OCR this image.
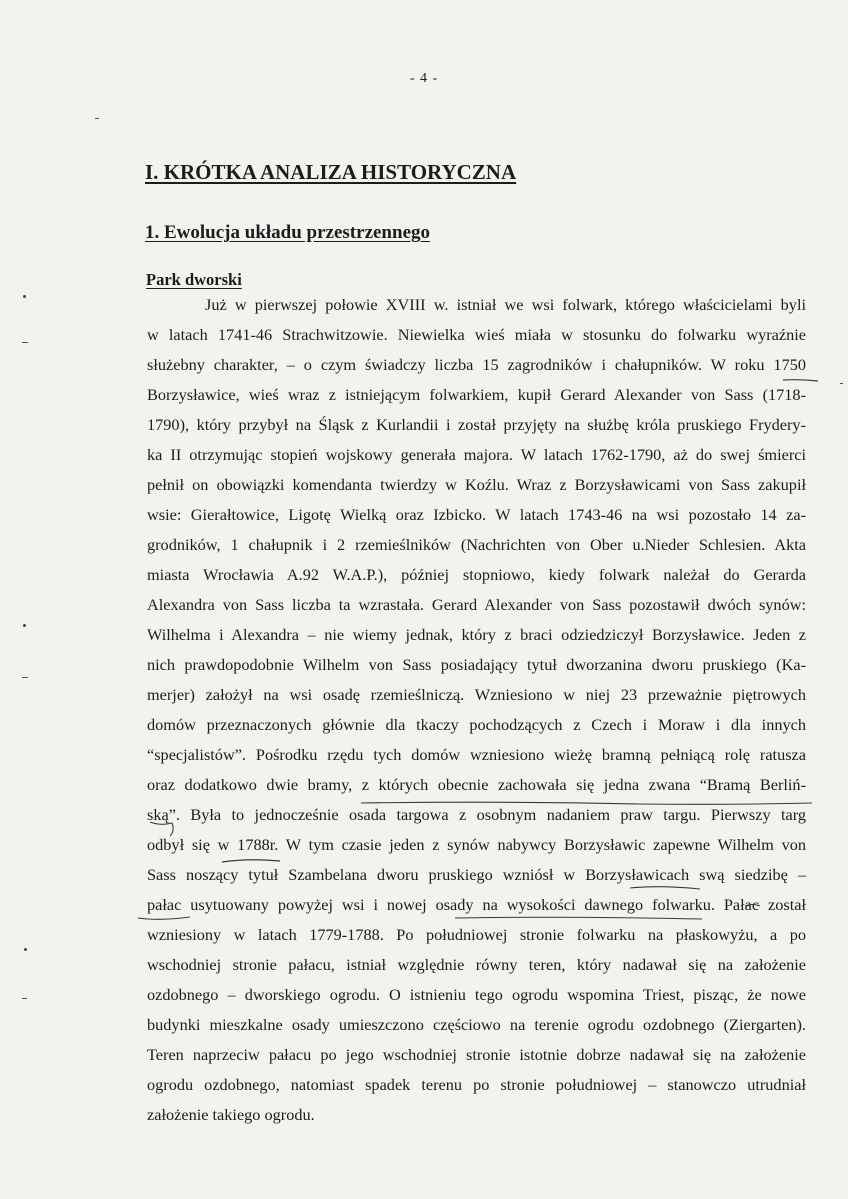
- 4 -
I. KRÓTKA ANALIZA HISTORYCZNA
1. Ewolucja układu przestrzennego
Park dworski
Już w pierwszej połowie XVIII w. istniał we wsi folwark, którego właścicielami byli
w latach 1741-46 Strachwitzowie. Niewielka wieś miała w stosunku do folwarku wyraźnie
służebny charakter, – o czym świadczy liczba 15 zagrodników i chałupników. W roku 1750
Borzysławice, wieś wraz z istniejącym folwarkiem, kupił Gerard Alexander von Sass (1718-
1790), który przybył na Śląsk z Kurlandii i został przyjęty na służbę króla pruskiego Frydery-
ka II otrzymując stopień wojskowy generała majora. W latach 1762-1790, aż do swej śmierci
pełnił on obowiązki komendanta twierdzy w Koźlu. Wraz z Borzysławicami von Sass zakupił
wsie: Gierałtowice, Ligotę Wielką oraz Izbicko. W latach 1743-46 na wsi pozostało 14 za-
grodników, 1 chałupnik i 2 rzemieślników (Nachrichten von Ober u.Nieder Schlesien. Akta
miasta Wrocławia A.92 W.A.P.), później stopniowo, kiedy folwark należał do Gerarda
Alexandra von Sass liczba ta wzrastała. Gerard Alexander von Sass pozostawił dwóch synów:
Wilhelma i Alexandra – nie wiemy jednak, który z braci odziedziczył Borzysławice. Jeden z
nich prawdopodobnie Wilhelm von Sass posiadający tytuł dworzanina dworu pruskiego (Ka-
merjer) założył na wsi osadę rzemieślniczą. Wzniesiono w niej 23 przeważnie piętrowych
domów przeznaczonych głównie dla tkaczy pochodzących z Czech i Moraw i dla innych
“specjalistów”. Pośrodku rzędu tych domów wzniesiono wieżę bramną pełniącą rolę ratusza
oraz dodatkowo dwie bramy, z których obecnie zachowała się jedna zwana “Bramą Berliń-
ską”. Była to jednocześnie osada targowa z osobnym nadaniem praw targu. Pierwszy targ
odbył się w 1788r. W tym czasie jeden z synów nabywcy Borzysławic zapewne Wilhelm von
Sass noszący tytuł Szambelana dworu pruskiego wzniósł w Borzysławicach swą siedzibę –
pałac usytuowany powyżej wsi i nowej osady na wysokości dawnego folwarku. Pałac został
wzniesiony w latach 1779-1788. Po południowej stronie folwarku na płaskowyżu, a po
wschodniej stronie pałacu, istniał względnie równy teren, który nadawał się na założenie
ozdobnego – dworskiego ogrodu. O istnieniu tego ogrodu wspomina Triest, pisząc, że nowe
budynki mieszkalne osady umieszczono częściowo na terenie ogrodu ozdobnego (Ziergarten).
Teren naprzeciw pałacu po jego wschodniej stronie istotnie dobrze nadawał się na założenie
ogrodu ozdobnego, natomiast spadek terenu po stronie południowej – stanowczo utrudniał
założenie takiego ogrodu.
